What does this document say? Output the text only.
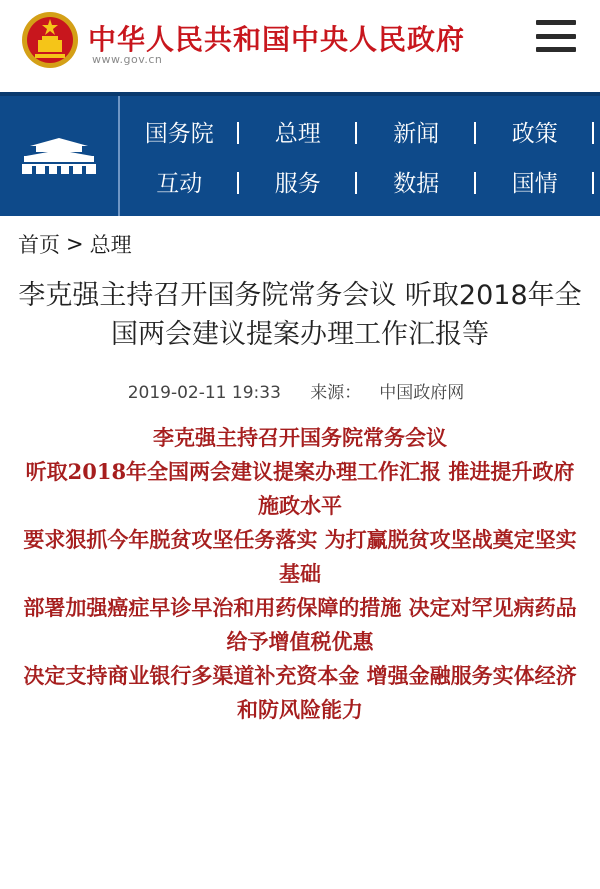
中华人民共和国中央人民政府
www.gov.cn
国务院	总理	新闻	政策
互动	服务	数据	国情
首页 > 总理
李克强主持召开国务院常务会议 听取2018年全国两会建议提案办理工作汇报等
2019-02-11 19:33 来源： 中国政府网

李克强主持召开国务院常务会议

听取2018年全国两会建议提案办理工作汇报 推进提升政府施政水平

要求狠抓今年脱贫攻坚任务落实 为打赢脱贫攻坚战奠定坚实基础

部署加强癌症早诊早治和用药保障的措施 决定对罕见病药品给予增值税优惠

决定支持商业银行多渠道补充资本金 增强金融服务实体经济和防风险能力
